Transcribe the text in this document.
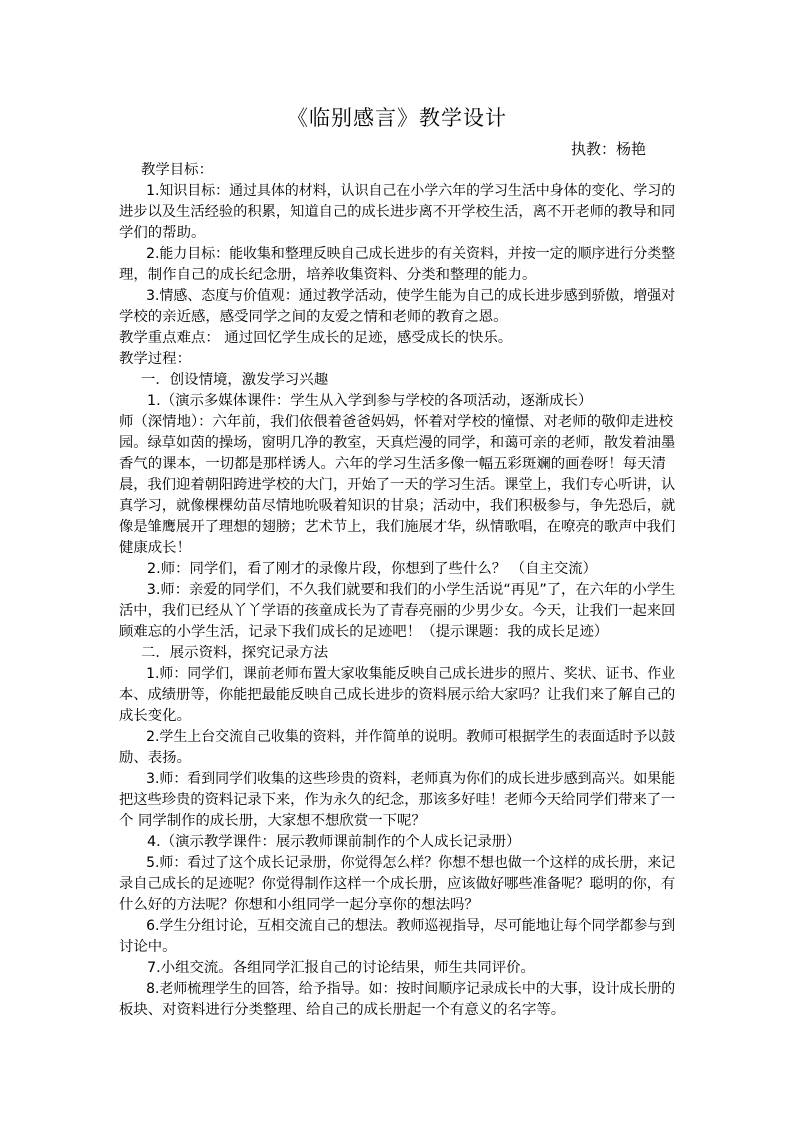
《临别感言》教学设计
执教：杨艳
教学目标：
1.知识目标：通过具体的材料，认识自己在小学六年的学习生活中身体的变化、学习的
进步以及生活经验的积累，知道自己的成长进步离不开学校生活，离不开老师的教导和同
学们的帮助。
2.能力目标：能收集和整理反映自己成长进步的有关资料，并按一定的顺序进行分类整
理，制作自己的成长纪念册，培养收集资料、分类和整理的能力。
3.情感、态度与价值观：通过教学活动，使学生能为自己的成长进步感到骄傲，增强对
学校的亲近感，感受同学之间的友爱之情和老师的教育之恩。
教学重点难点： 通过回忆学生成长的足迹，感受成长的快乐。
教学过程：
一．创设情境，激发学习兴趣
1.（演示多媒体课件：学生从入学到参与学校的各项活动，逐渐成长）
师（深情地）：六年前，我们依偎着爸爸妈妈，怀着对学校的憧憬、对老师的敬仰走进校
园。绿草如茵的操场，窗明几净的教室，天真烂漫的同学，和蔼可亲的老师，散发着油墨
香气的课本，一切都是那样诱人。六年的学习生活多像一幅五彩斑斓的画卷呀！每天清
晨，我们迎着朝阳跨进学校的大门，开始了一天的学习生活。课堂上，我们专心听讲，认
真学习，就像棵棵幼苗尽情地吮吸着知识的甘泉；活动中，我们积极参与，争先恐后，就
像是雏鹰展开了理想的翅膀；艺术节上，我们施展才华，纵情歌唱，在嘹亮的歌声中我们
健康成长！
2.师：同学们，看了刚才的录像片段，你想到了些什么？ （自主交流）
3.师：亲爱的同学们，不久我们就要和我们的小学生活说“再见”了，在六年的小学生
活中，我们已经从丫丫学语的孩童成长为了青春亮丽的少男少女。今天，让我们一起来回
顾难忘的小学生活，记录下我们成长的足迹吧！（提示课题：我的成长足迹）
二．展示资料，探究记录方法
1.师：同学们，课前老师布置大家收集能反映自己成长进步的照片、奖状、证书、作业
本、成绩册等，你能把最能反映自己成长进步的资料展示给大家吗？让我们来了解自己的
成长变化。
2.学生上台交流自己收集的资料，并作简单的说明。教师可根据学生的表面适时予以鼓
励、表扬。
3.师：看到同学们收集的这些珍贵的资料，老师真为你们的成长进步感到高兴。如果能
把这些珍贵的资料记录下来，作为永久的纪念，那该多好哇！老师今天给同学们带来了一
个 同学制作的成长册，大家想不想欣赏一下呢？
4.（演示教学课件：展示教师课前制作的个人成长记录册）
5.师：看过了这个成长记录册，你觉得怎么样？你想不想也做一个这样的成长册，来记
录自己成长的足迹呢？你觉得制作这样一个成长册，应该做好哪些准备呢？聪明的你，有
什么好的方法呢？你想和小组同学一起分享你的想法吗？
6.学生分组讨论，互相交流自己的想法。教师巡视指导，尽可能地让每个同学都参与到
讨论中。
7.小组交流。各组同学汇报自己的讨论结果，师生共同评价。
8.老师梳理学生的回答，给予指导。如：按时间顺序记录成长中的大事，设计成长册的
板块、对资料进行分类整理、给自己的成长册起一个有意义的名字等。
